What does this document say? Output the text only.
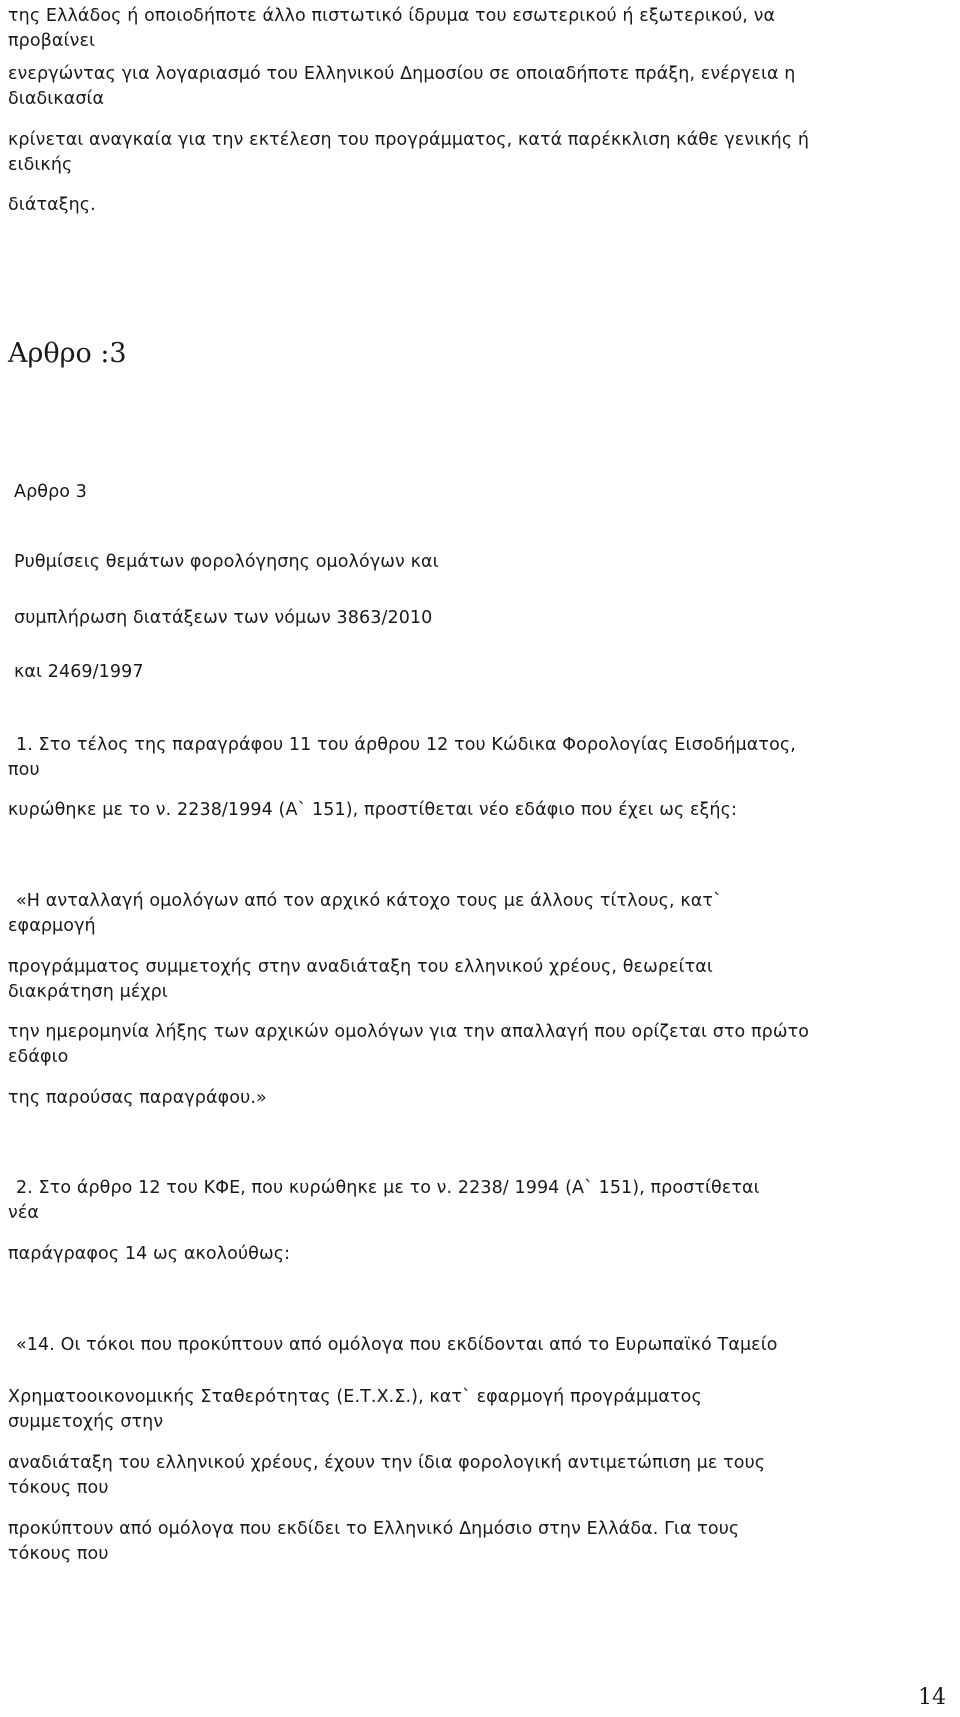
της Ελλάδος ή οποιοδήποτε άλλο πιστωτικό ίδρυμα του εσωτερικού ή εξωτερικού, να
προβαίνει
ενεργώντας για λογαριασμό του Ελληνικού Δημοσίου σε οποιαδήποτε πράξη, ενέργεια η
διαδικασία
κρίνεται αναγκαία για την εκτέλεση του προγράμματος, κατά παρέκκλιση κάθε γενικής ή
ειδικής
διάταξης.
Αρθρο :3
Αρθρο 3
Ρυθμίσεις θεμάτων φορολόγησης ομολόγων και
συμπλήρωση διατάξεων των νόμων 3863/2010
και 2469/1997
1. Στο τέλος της παραγράφου 11 του άρθρου 12 του Κώδικα Φορολογίας Εισοδήματος,
που
κυρώθηκε με το ν. 2238/1994 (Α` 151), προστίθεται νέο εδάφιο που έχει ως εξής:
«Η ανταλλαγή ομολόγων από τον αρχικό κάτοχο τους με άλλους τίτλους, κατ`
εφαρμογή
προγράμματος συμμετοχής στην αναδιάταξη του ελληνικού χρέους, θεωρείται
διακράτηση μέχρι
την ημερομηνία λήξης των αρχικών ομολόγων για την απαλλαγή που ορίζεται στο πρώτο
εδάφιο
της παρούσας παραγράφου.»
2. Στο άρθρο 12 του ΚΦΕ, που κυρώθηκε με το ν. 2238/ 1994 (Α` 151), προστίθεται
νέα
παράγραφος 14 ως ακολούθως:
«14. Οι τόκοι που προκύπτουν από ομόλογα που εκδίδονται από το Ευρωπαϊκό Ταμείο
Χρηματοοικονομικής Σταθερότητας (Ε.Τ.Χ.Σ.), κατ` εφαρμογή προγράμματος
συμμετοχής στην
αναδιάταξη του ελληνικού χρέους, έχουν την ίδια φορολογική αντιμετώπιση με τους
τόκους που
προκύπτουν από ομόλογα που εκδίδει το Ελληνικό Δημόσιο στην Ελλάδα. Για τους
τόκους που
14
